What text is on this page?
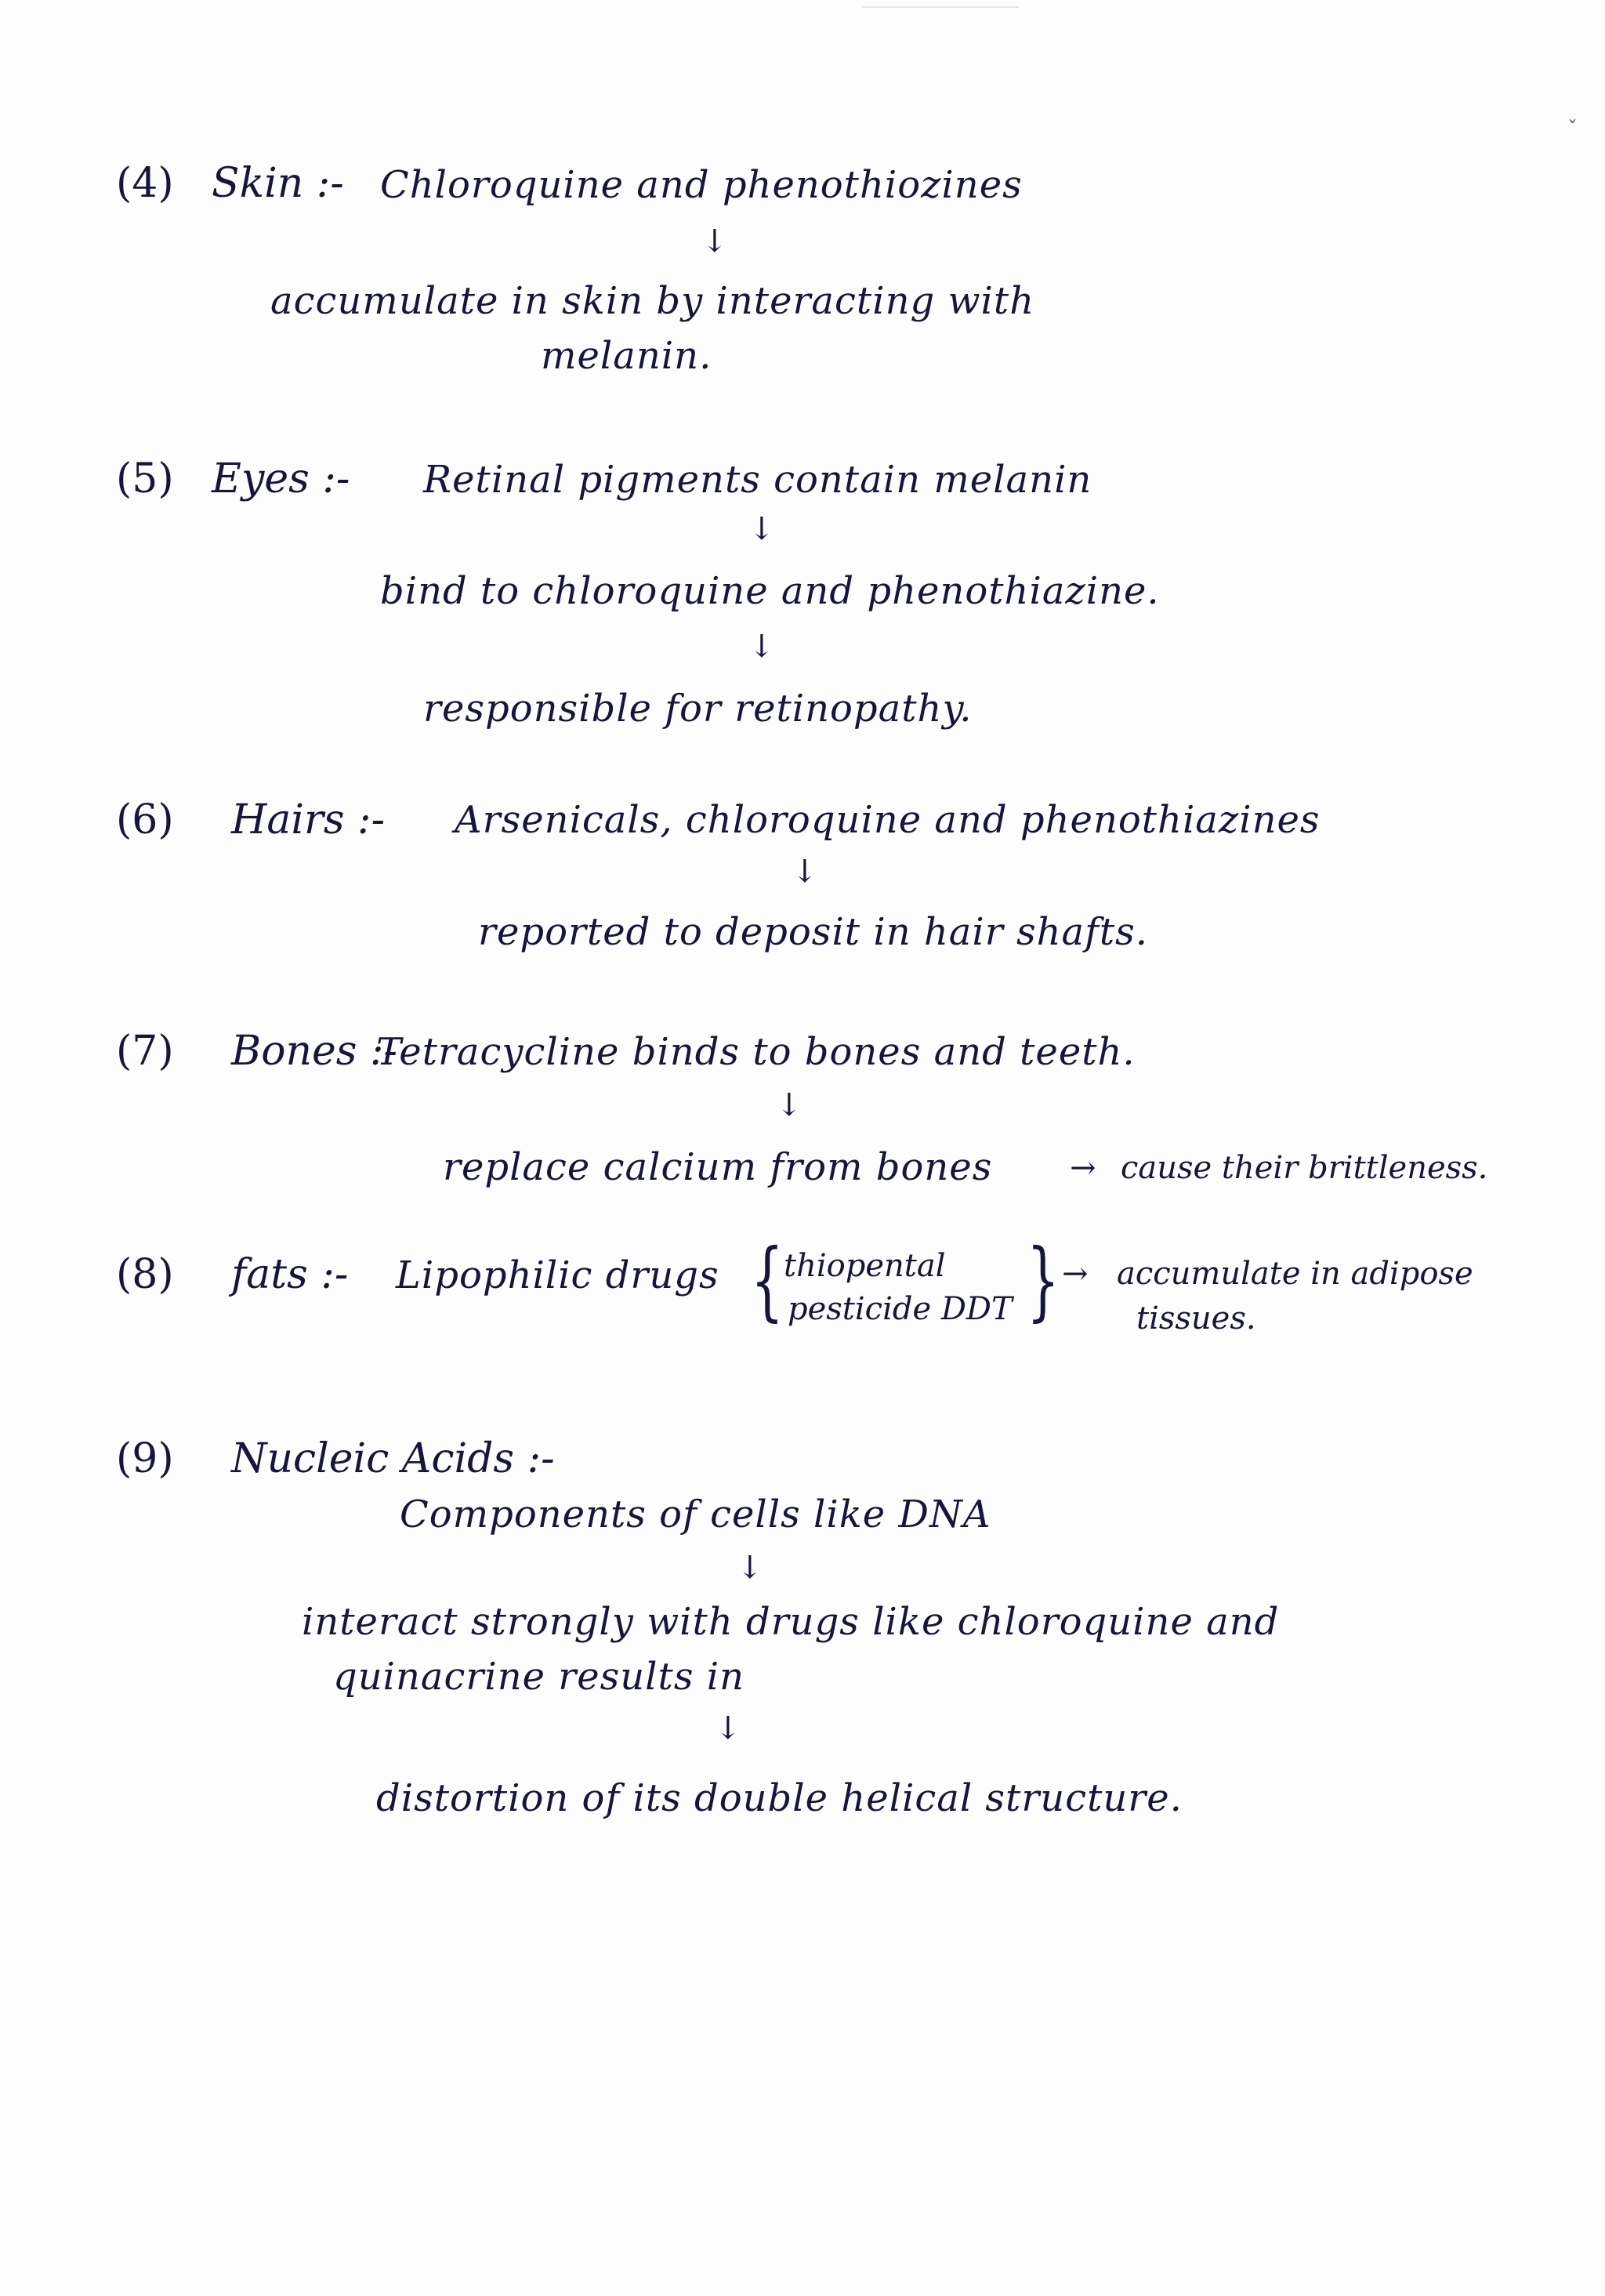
ˇ
(4) Skin :- Chloroquine and phenothiozines
↓
accumulate in skin by interacting with
melanin.
(5) Eyes :- Retinal pigments contain melanin
↓
bind to chloroquine and phenothiazine.
↓
responsible for retinopathy.
(6) Hairs :- Arsenicals, chloroquine and phenothiazines
↓
reported to deposit in hair shafts.
(7) Bones :-
Tetracycline binds to bones and teeth.
↓
replace calcium from bones → cause their brittleness.
(8) fats :- Lipophilic drugs { thiopental
pesticide DDT } → accumulate in adipose
tissues.
(9) Nucleic Acids :-
Components of cells like DNA
↓
interact strongly with drugs like chloroquine and
quinacrine results in
↓
distortion of its double helical structure.
